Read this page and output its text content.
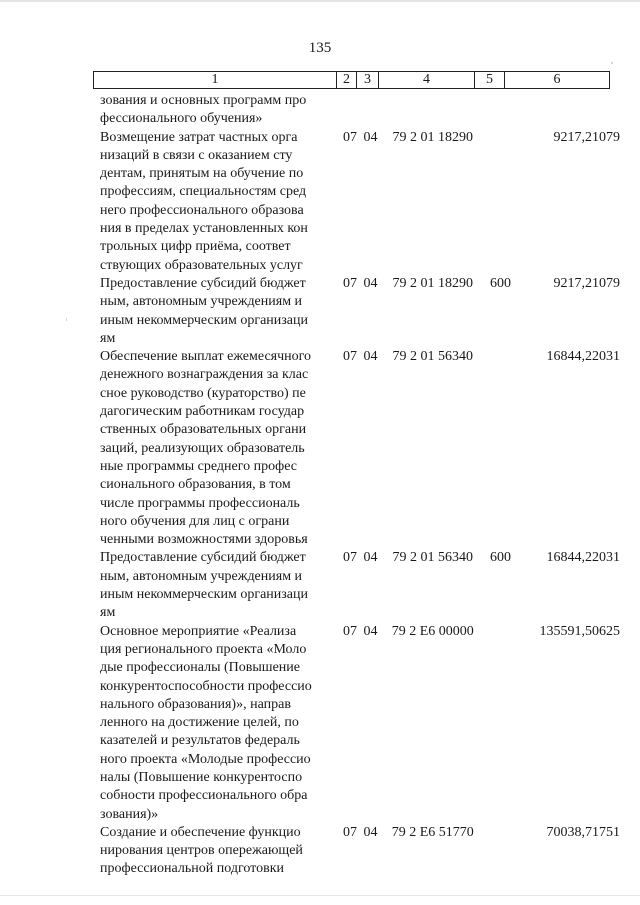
135
1	2	3	4	5	6
зования и основных программ про
фессионального обучения»
Возмещение затрат частных орга
низаций в связи с оказанием сту
дентам, принятым на обучение по
профессиям, специальностям сред
него профессионального образова
ния в пределах установленных кон
трольных цифр приёма, соответ
ствующих образовательных услуг
07 04	79 2 01 18290	9217,21079
Предоставление субсидий бюджет
ным, автономным учреждениям и
иным некоммерческим организаци
ям
07 04	79 2 01 18290	600	9217,21079
Обеспечение выплат ежемесячного
денежного вознаграждения за клас
сное руководство (кураторство) пе
дагогическим работникам государ
ственных образовательных органи
заций, реализующих образователь
ные программы среднего профес
сионального образования, в том
числе программы профессиональ
ного обучения для лиц с ограни
ченными возможностями здоровья
07 04	79 2 01 56340	16844,22031
Предоставление субсидий бюджет
ным, автономным учреждениям и
иным некоммерческим организаци
ям
07 04	79 2 01 56340	600	16844,22031
Основное мероприятие «Реализа
ция регионального проекта «Моло
дые профессионалы (Повышение
конкурентоспособности профессио
нального образования)», направ
ленного на достижение целей, по
казателей и результатов федераль
ного проекта «Молодые профессио
налы (Повышение конкурентоспо
собности профессионального обра
зования)»
07 04	79 2 Е6 00000	135591,50625
Создание и обеспечение функцио
нирования центров опережающей
профессиональной подготовки
07 04	79 2 Е6 51770	70038,71751
